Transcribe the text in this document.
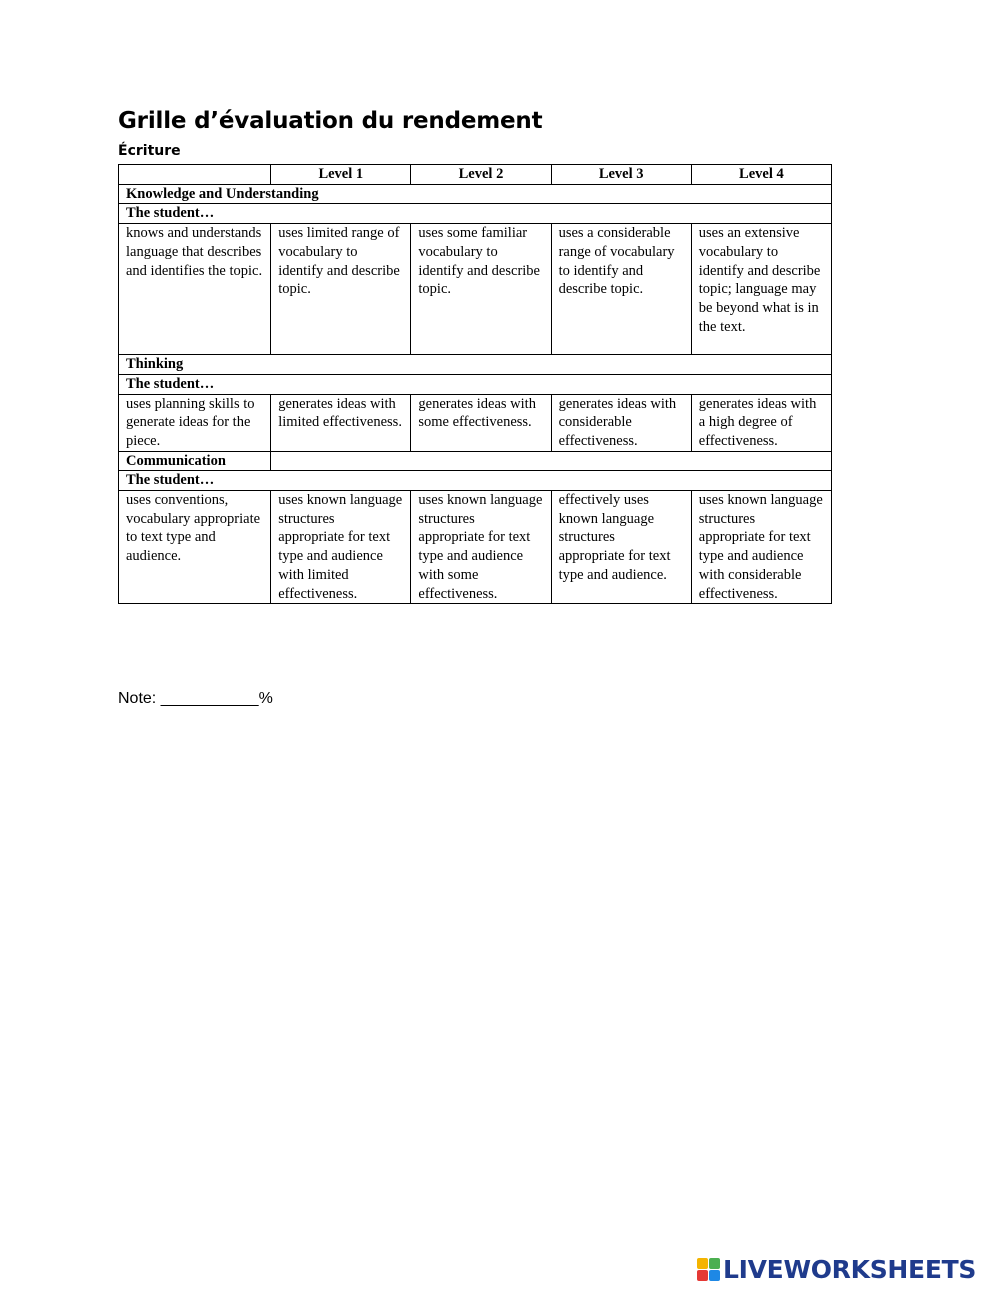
Grille d’évaluation du rendement
Écriture
	Level 1	Level 2	Level 3	Level 4
Knowledge and Understanding				
The student…				
knows and understands language that describes and identifies the topic.	uses limited range of vocabulary to identify and describe topic.	uses some familiar vocabulary to identify and describe topic.	uses a considerable range of vocabulary to identify and describe topic.	uses an extensive vocabulary to identify and describe topic; language may be beyond what is in the text.
Thinking				
The student…				
uses planning skills to generate ideas for the piece.	generates ideas with limited effectiveness.	generates ideas with some effectiveness.	generates ideas with considerable effectiveness.	generates ideas with a high degree of effectiveness.
Communication				
The student…				
uses conventions, vocabulary appropriate to text type and audience.	uses known language structures appropriate for text type and audience with limited effectiveness.	uses known language structures appropriate for text type and audience with some effectiveness.	effectively uses known language structures appropriate for text type and audience.	uses known language structures appropriate for text type and audience with considerable effectiveness.
Note: ___________%
LIVEWORKSHEETS
